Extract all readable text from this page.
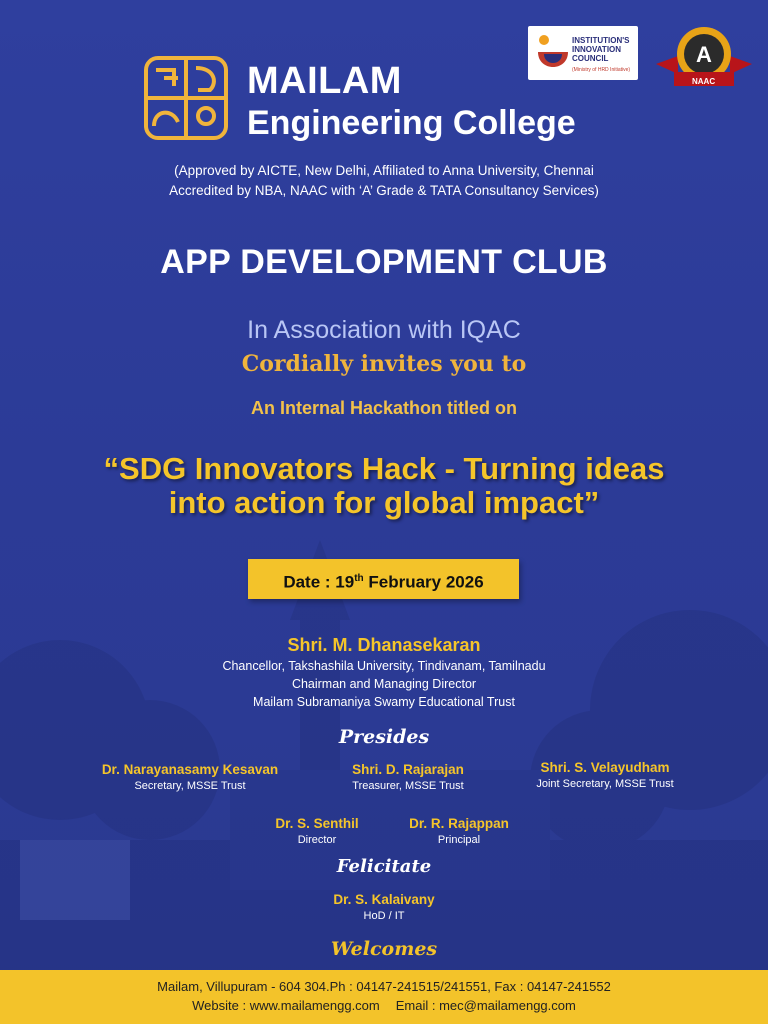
MAILAM
Engineering College
INSTITUTION'S INNOVATION COUNCIL
(Ministry of HRD Initiative)
A
NAAC
(Approved by AICTE, New Delhi, Affiliated to Anna University, Chennai
Accredited by NBA, NAAC with ‘A’ Grade & TATA Consultancy Services)
APP DEVELOPMENT CLUB
In Association with IQAC
Cordially invites you to
An Internal Hackathon titled on
“SDG Innovators Hack - Turning ideas
into action for global impact”
Date : 19th February 2026
Shri. M. Dhanasekaran
Chancellor, Takshashila University, Tindivanam, Tamilnadu
Chairman and Managing Director
Mailam Subramaniya Swamy Educational Trust
Presides
Dr. Narayanasamy Kesavan
Secretary, MSSE Trust
Shri. D. Rajarajan
Treasurer, MSSE Trust
Shri. S. Velayudham
Joint Secretary, MSSE Trust
Dr. S. Senthil
Director
Dr. R. Rajappan
Principal
Felicitate
Dr. S. Kalaivany
HoD / IT
Welcomes
Mailam, Villupuram - 604 304.Ph : 04147-241515/241551, Fax : 04147-241552
Website : www.mailamengg.com Email : mec@mailamengg.com
